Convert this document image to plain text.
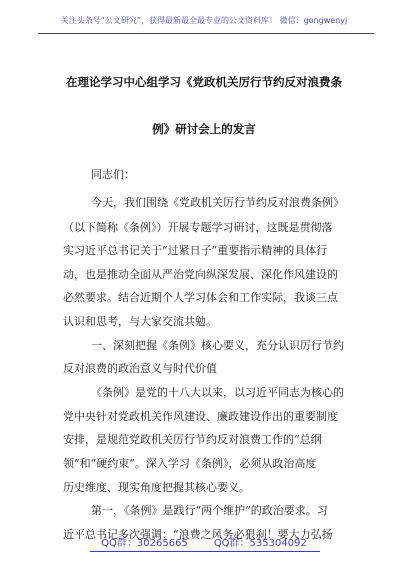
关注头条号“公文研究”，获得最新最全最专业的公文资料库！ 微信：gongwenyj
在理论学习中心组学习《党政机关厉行节约反对浪费条
例》研讨会上的发言
同志们：
今天，我们围绕《党政机关厉行节约反对浪费条例》
（以下简称《条例》）开展专题学习研讨，这既是贯彻落
实习近平总书记关于“过紧日子”重要指示精神的具体行
动，也是推动全面从严治党向纵深发展、深化作风建设的
必然要求。结合近期个人学习体会和工作实际，我谈三点
认识和思考，与大家交流共勉。
一、深刻把握《条例》核心要义，充分认识厉行节约
反对浪费的政治意义与时代价值
《条例》是党的十八大以来，以习近平同志为核心的
党中央针对党政机关作风建设、廉政建设作出的重要制度
安排，是规范党政机关厉行节约反对浪费工作的“总纲
领”和“硬约束”。深入学习《条例》，必须从政治高度
历史维度、现实角度把握其核心要义。
第一，《条例》是践行“两个维护”的政治要求。习
近平总书记多次强调：“浪费之风务必狠刹！要大力弘扬
QQ群：30265665	QQ群：535304092
